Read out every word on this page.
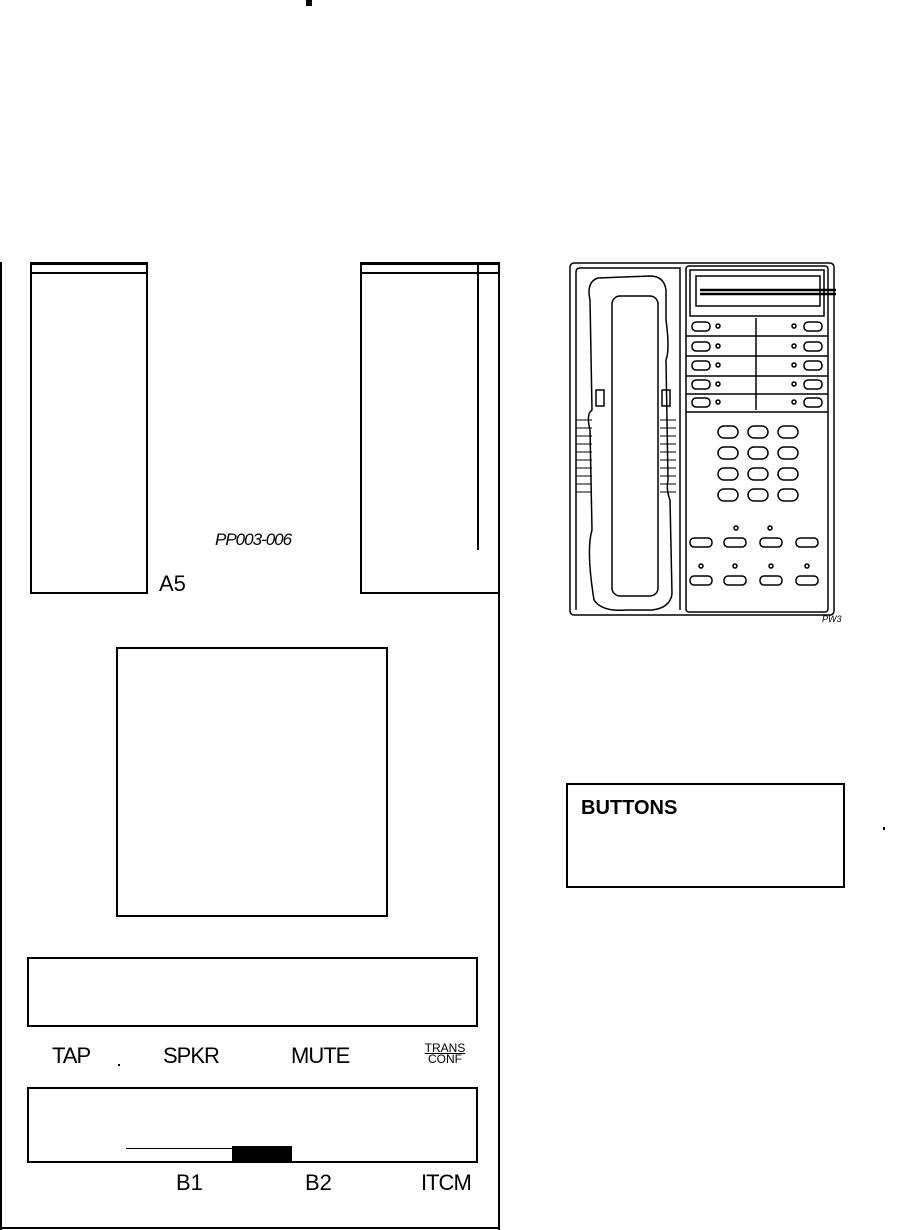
PP003-006
A5
TAP	SPKR	MUTE	TRANS
CONF
B1	B2	ITCM
PW3
BUTTONS
